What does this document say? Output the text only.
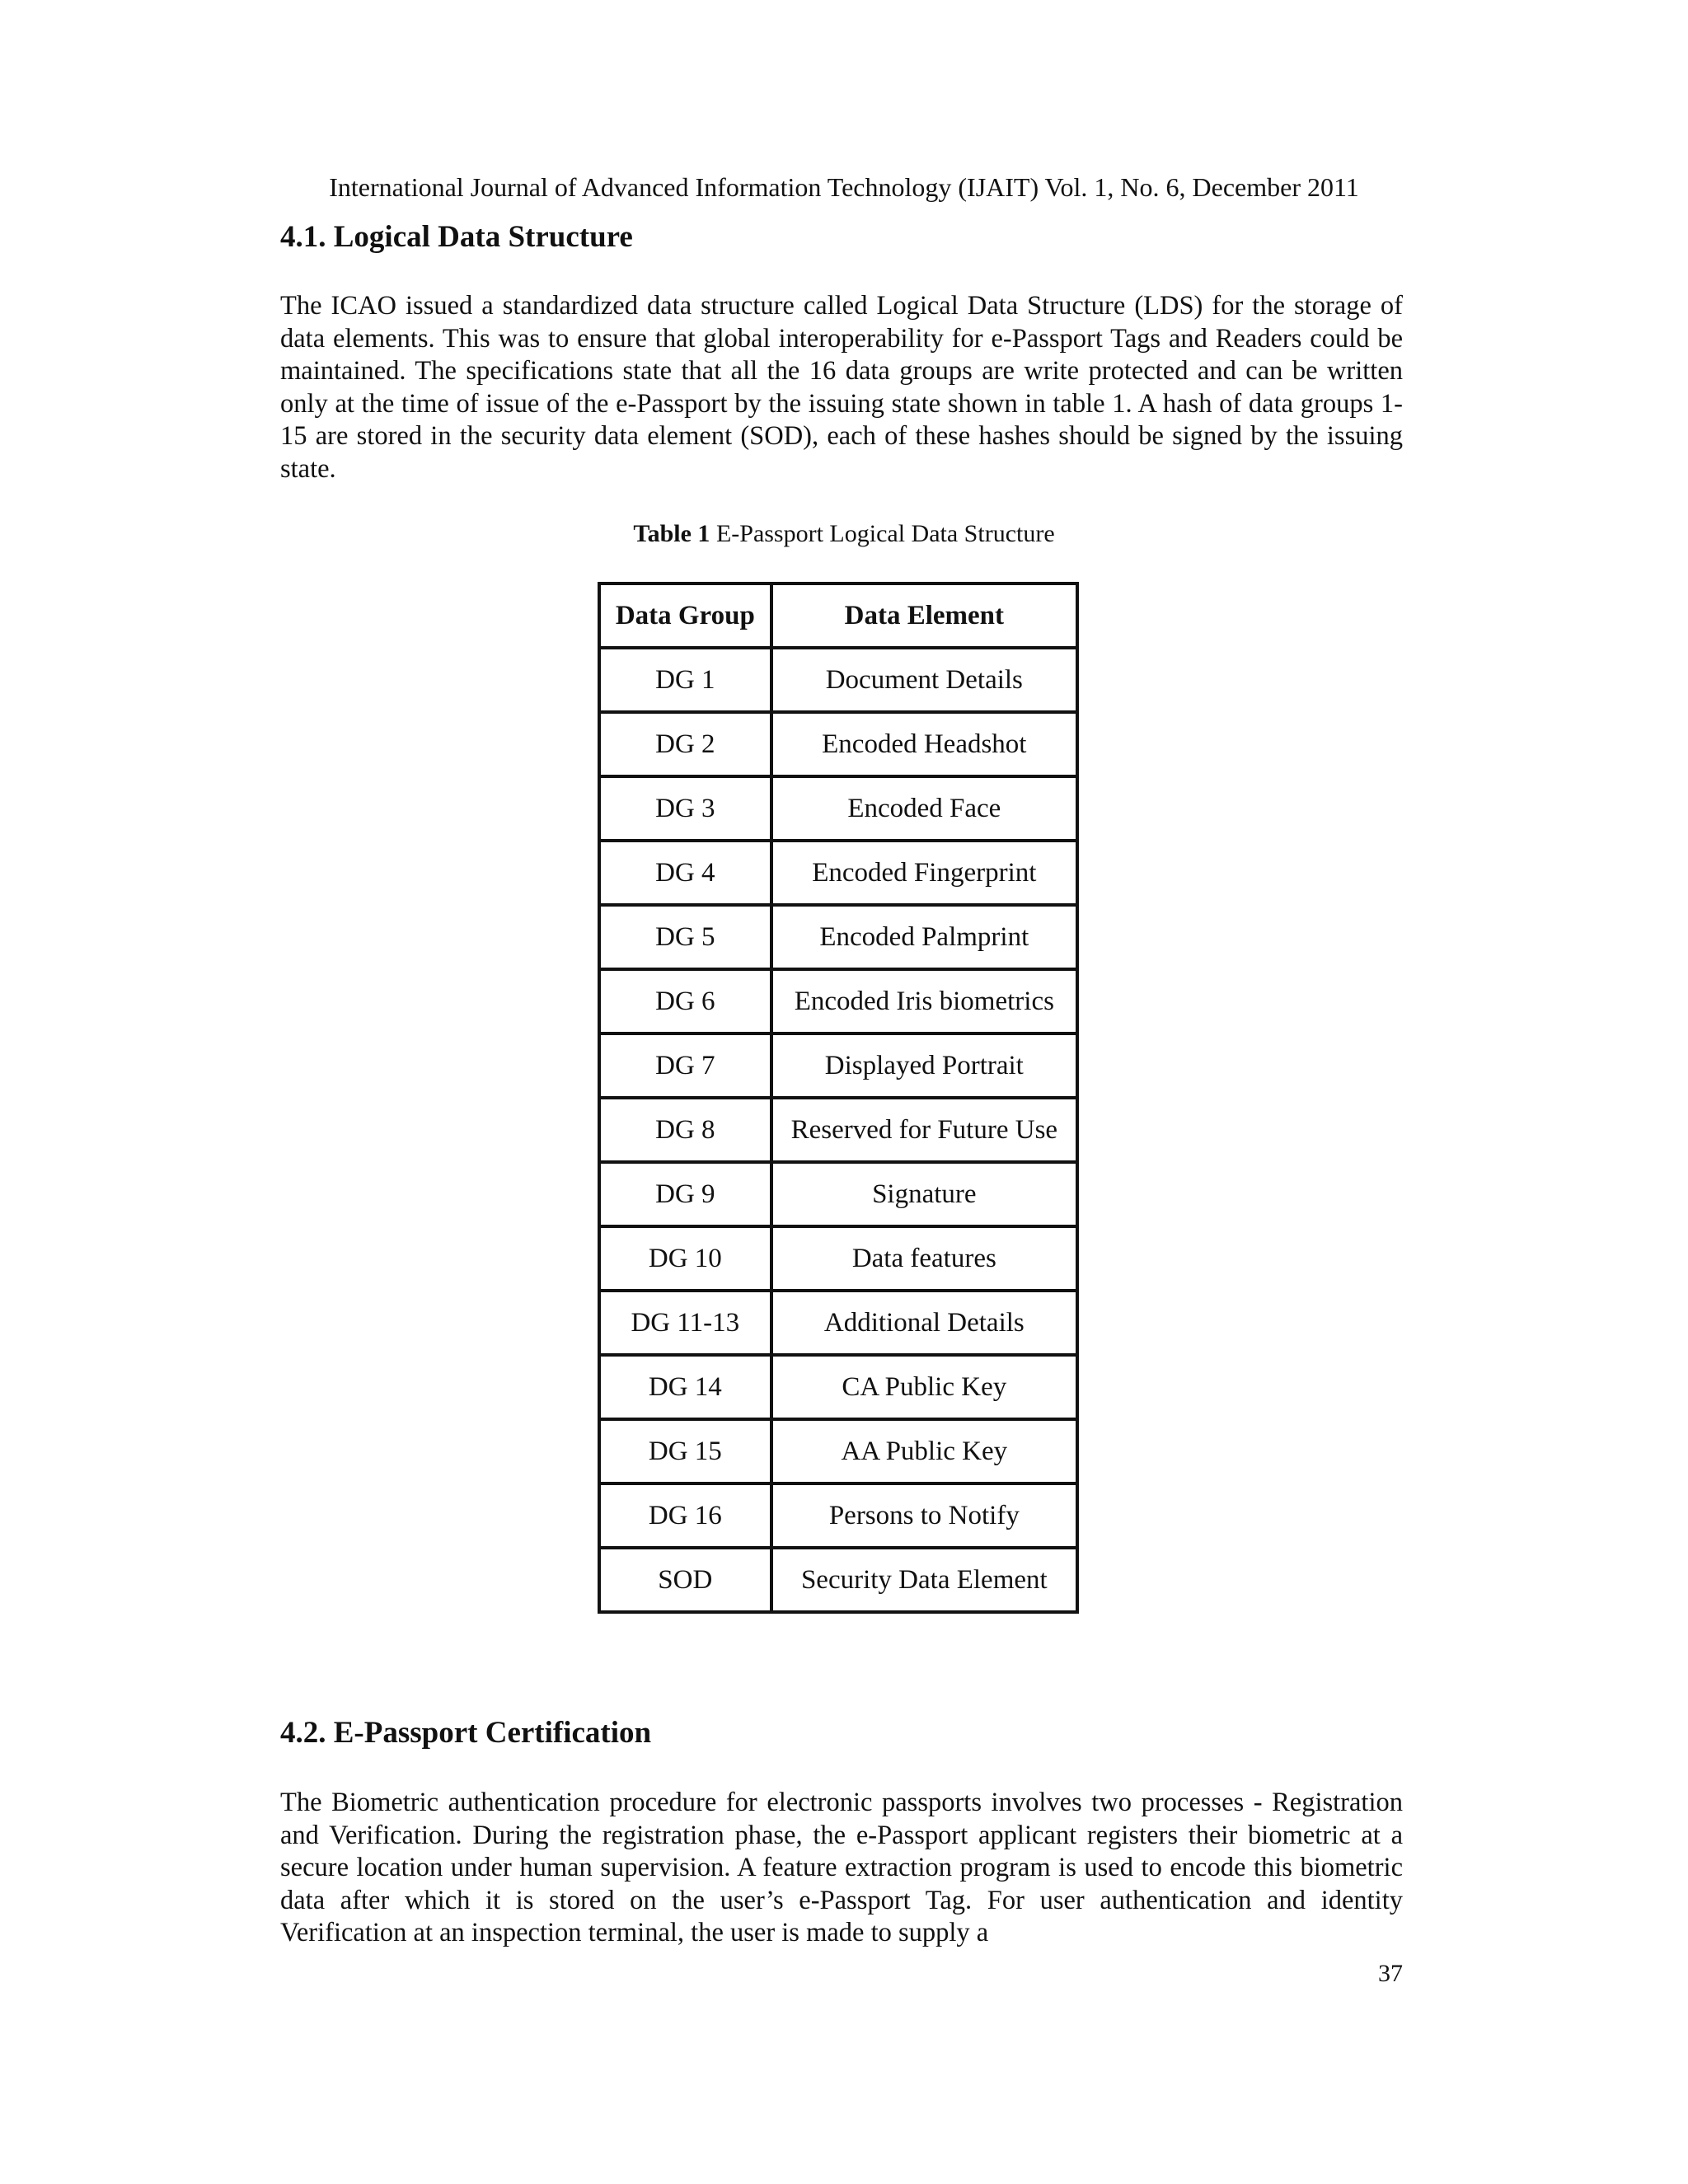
International Journal of Advanced Information Technology (IJAIT) Vol. 1, No. 6, December 2011
4.1. Logical Data Structure

The ICAO issued a standardized data structure called Logical Data Structure (LDS) for the storage of data elements. This was to ensure that global interoperability for e-Passport Tags and Readers could be maintained. The specifications state that all the 16 data groups are write protected and can be written only at the time of issue of the e-Passport by the issuing state shown in table 1. A hash of data groups 1-15 are stored in the security data element (SOD), each of these hashes should be signed by the issuing state.

Table 1 E-Passport Logical Data Structure
Data Group	Data Element
DG 1	Document Details
DG 2	Encoded Headshot
DG 3	Encoded Face
DG 4	Encoded Fingerprint
DG 5	Encoded Palmprint
DG 6	Encoded Iris biometrics
DG 7	Displayed Portrait
DG 8	Reserved for Future Use
DG 9	Signature
DG 10	Data features
DG 11-13	Additional Details
DG 14	CA Public Key
DG 15	AA Public Key
DG 16	Persons to Notify
SOD	Security Data Element
4.2. E-Passport Certification

The Biometric authentication procedure for electronic passports involves two processes - Registration and Verification. During the registration phase, the e-Passport applicant registers their biometric at a secure location under human supervision. A feature extraction program is used to encode this biometric data after which it is stored on the user’s e-Passport Tag. For user authentication and identity Verification at an inspection terminal, the user is made to supply a

37
